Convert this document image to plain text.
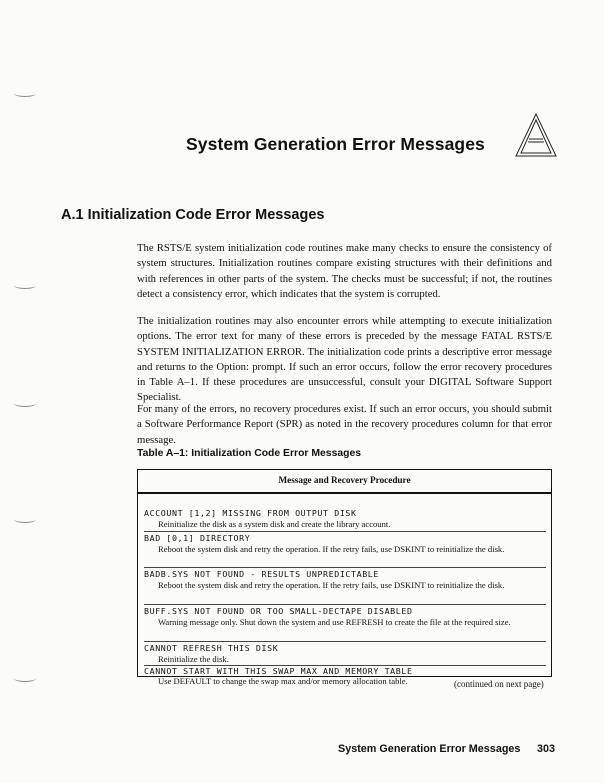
System Generation Error Messages
A.1 Initialization Code Error Messages

The RSTS/E system initialization code routines make many checks to ensure the consistency of system structures. Initialization routines compare existing structures with their definitions and with references in other parts of the system. The checks must be successful; if not, the routines detect a consistency error, which indicates that the system is corrupted.

The initialization routines may also encounter errors while attempting to execute initialization options. The error text for many of these errors is preceded by the message FATAL RSTS/E SYSTEM INITIALIZATION ERROR. The initialization code prints a descriptive error message and returns to the Option: prompt. If such an error occurs, follow the error recovery procedures in Table A–1. If these procedures are unsuccessful, consult your DIGITAL Software Support Specialist.

For many of the errors, no recovery procedures exist. If such an error occurs, you should submit a Software Performance Report (SPR) as noted in the recovery procedures column for that error message.

Table A–1: Initialization Code Error Messages
Message and Recovery Procedure
ACCOUNT [1,2] MISSING FROM OUTPUT DISK
Reinitialize the disk as a system disk and create the library account.
BAD [0,1] DIRECTORY
Reboot the system disk and retry the operation. If the retry fails, use DSKINT to reinitialize the disk.
BADB.SYS NOT FOUND - RESULTS UNPREDICTABLE
Reboot the system disk and retry the operation. If the retry fails, use DSKINT to reinitialize the disk.
BUFF.SYS NOT FOUND OR TOO SMALL-DECTAPE DISABLED
Warning message only. Shut down the system and use REFRESH to create the file at the required size.
CANNOT REFRESH THIS DISK
Reinitialize the disk.
CANNOT START WITH THIS SWAP MAX AND MEMORY TABLE
Use DEFAULT to change the swap max and/or memory allocation table.	(continued on next page)
System Generation Error Messages 303
